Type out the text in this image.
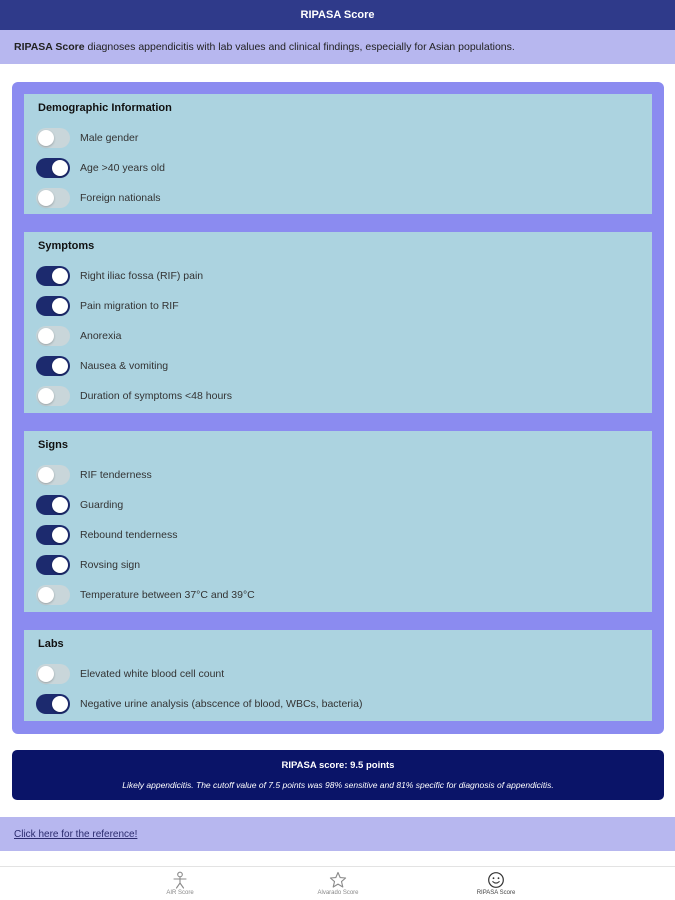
RIPASA Score
RIPASA Score diagnoses appendicitis with lab values and clinical findings, especially for Asian populations.
Demographic Information
Male gender
Age >40 years old
Foreign nationals
Symptoms
Right iliac fossa (RIF) pain
Pain migration to RIF
Anorexia
Nausea & vomiting
Duration of symptoms <48 hours
Signs
RIF tenderness
Guarding
Rebound tenderness
Rovsing sign
Temperature between 37°C and 39°C
Labs
Elevated white blood cell count
Negative urine analysis (abscence of blood, WBCs, bacteria)
RIPASA score: 9.5 points
Likely appendicitis. The cutoff value of 7.5 points was 98% sensitive and 81% specific for diagnosis of appendicitis.
Click here for the reference!
AIR Score	Alvarado Score	RIPASA Score
